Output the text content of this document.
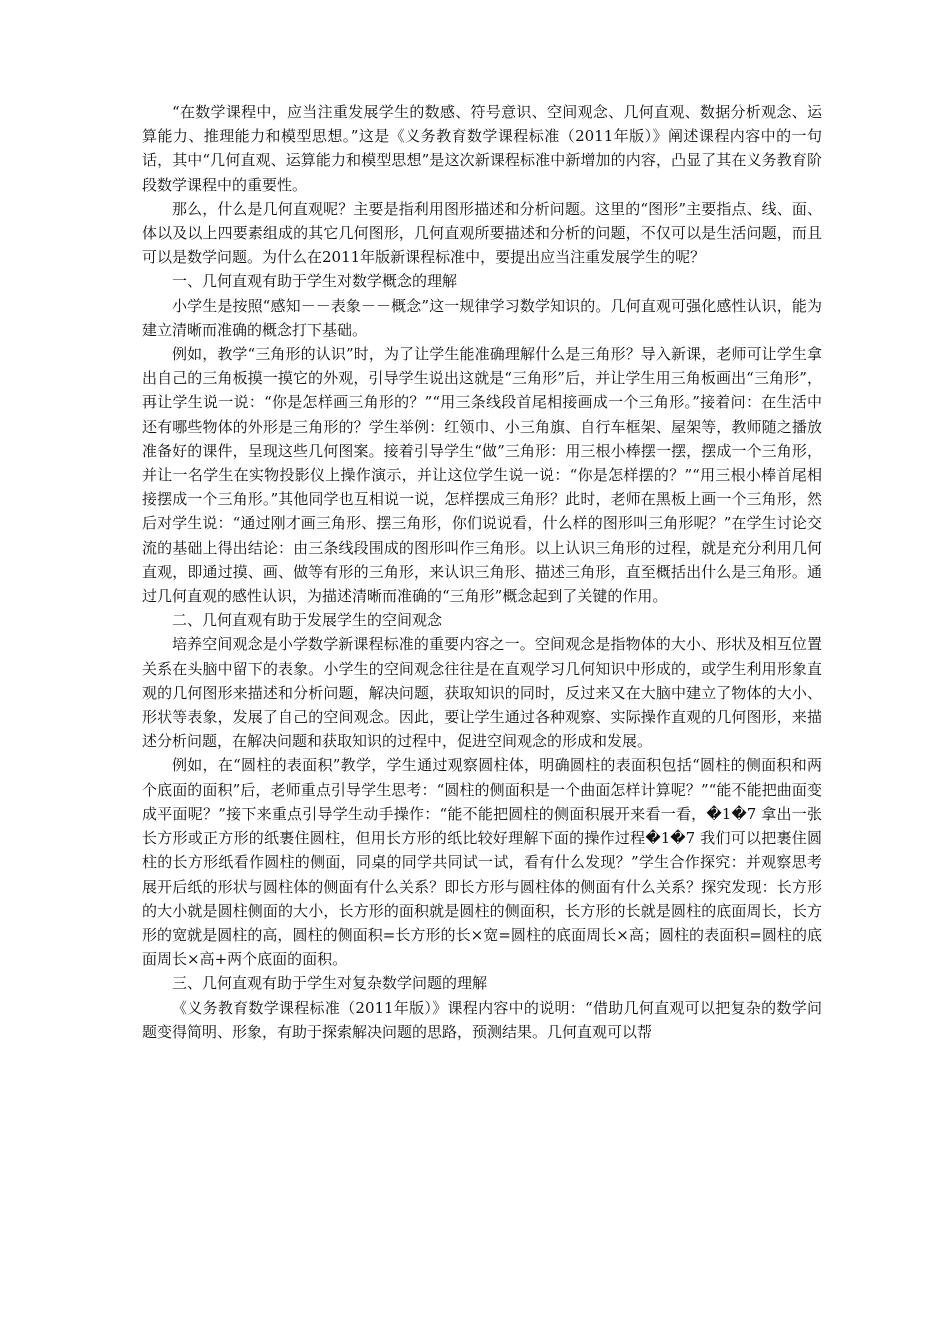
“在数学课程中，应当注重发展学生的数感、符号意识、空间观念、几何直观、数据分析观念、运算能力、推理能力和模型思想。”这是《义务教育数学课程标准（2011年版）》阐述课程内容中的一句话，其中“几何直观、运算能力和模型思想”是这次新课程标准中新增加的内容，凸显了其在义务教育阶段数学课程中的重要性。

那么，什么是几何直观呢？主要是指利用图形描述和分析问题。这里的“图形”主要指点、线、面、体以及以上四要素组成的其它几何图形，几何直观所要描述和分析的问题，不仅可以是生活问题，而且可以是数学问题。为什么在2011年版新课程标准中，要提出应当注重发展学生的呢？

一、几何直观有助于学生对数学概念的理解

小学生是按照“感知－－表象－－概念”这一规律学习数学知识的。几何直观可强化感性认识，能为建立清晰而准确的概念打下基础。

例如，教学“三角形的认识”时，为了让学生能准确理解什么是三角形？导入新课，老师可让学生拿出自己的三角板摸一摸它的外观，引导学生说出这就是“三角形”后，并让学生用三角板画出“三角形”，再让学生说一说：“你是怎样画三角形的？”“用三条线段首尾相接画成一个三角形。”接着问：在生活中还有哪些物体的外形是三角形的？学生举例：红领巾、小三角旗、自行车框架、屋架等，教师随之播放准备好的课件，呈现这些几何图案。接着引导学生“做”三角形：用三根小棒摆一摆，摆成一个三角形，并让一名学生在实物投影仪上操作演示，并让这位学生说一说：“你是怎样摆的？”“用三根小棒首尾相接摆成一个三角形。”其他同学也互相说一说，怎样摆成三角形？此时，老师在黑板上画一个三角形，然后对学生说：“通过刚才画三角形、摆三角形，你们说说看，什么样的图形叫三角形呢？”在学生讨论交流的基础上得出结论：由三条线段围成的图形叫作三角形。以上认识三角形的过程，就是充分利用几何直观，即通过摸、画、做等有形的三角形，来认识三角形、描述三角形，直至概括出什么是三角形。通过几何直观的感性认识，为描述清晰而准确的“三角形”概念起到了关键的作用。

二、几何直观有助于发展学生的空间观念

培养空间观念是小学数学新课程标准的重要内容之一。空间观念是指物体的大小、形状及相互位置关系在头脑中留下的表象。小学生的空间观念往往是在直观学习几何知识中形成的，或学生利用形象直观的几何图形来描述和分析问题，解决问题，获取知识的同时，反过来又在大脑中建立了物体的大小、形状等表象，发展了自己的空间观念。因此，要让学生通过各种观察、实际操作直观的几何图形，来描述分析问题，在解决问题和获取知识的过程中，促进空间观念的形成和发展。

例如，在“圆柱的表面积”教学，学生通过观察圆柱体，明确圆柱的表面积包括“圆柱的侧面积和两个底面的面积”后，老师重点引导学生思考：“圆柱的侧面积是一个曲面怎样计算呢？”“能不能把曲面变成平面呢？”接下来重点引导学生动手操作：“能不能把圆柱的侧面积展开来看一看，�1�7 拿出一张长方形或正方形的纸裹住圆柱，但用长方形的纸比较好理解下面的操作过程�1�7 我们可以把裹住圆柱的长方形纸看作圆柱的侧面，同桌的同学共同试一试，看有什么发现？”学生合作探究：并观察思考展开后纸的形状与圆柱体的侧面有什么关系？即长方形与圆柱体的侧面有什么关系？探究发现：长方形的大小就是圆柱侧面的大小，长方形的面积就是圆柱的侧面积，长方形的长就是圆柱的底面周长，长方形的宽就是圆柱的高，圆柱的侧面积=长方形的长×宽=圆柱的底面周长×高；圆柱的表面积=圆柱的底面周长×高+两个底面的面积。

三、几何直观有助于学生对复杂数学问题的理解

《义务教育数学课程标准（2011年版）》课程内容中的说明：“借助几何直观可以把复杂的数学问题变得简明、形象，有助于探索解决问题的思路，预测结果。几何直观可以帮
